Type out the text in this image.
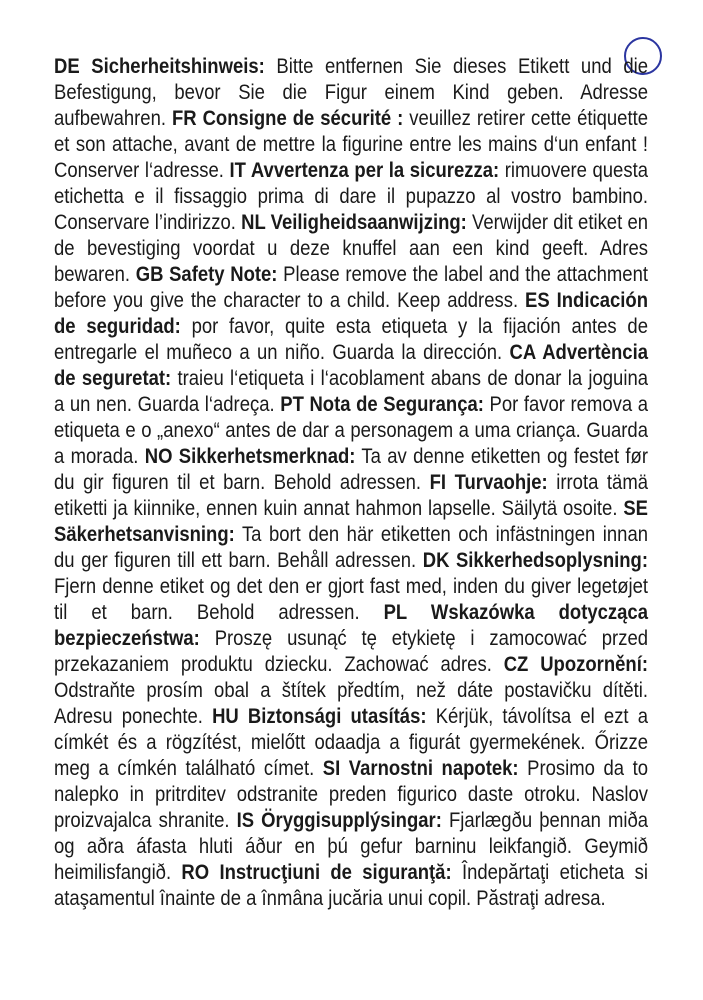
DE Sicherheitshinweis: Bitte entfernen Sie dieses Etikett und die Befestigung, bevor Sie die Figur einem Kind geben. Adresse aufbewahren. FR Consigne de sécurité : veuillez retirer cette étiquette et son attache, avant de mettre la figurine entre les mains d‘un enfant ! Conserver l‘adresse. IT Avvertenza per la sicurezza: rimuovere questa etichetta e il fissaggio prima di dare il pupazzo al vostro bambino. Conservare l’indirizzo. NL Veiligheidsaanwijzing: Verwijder dit etiket en de bevestiging voordat u deze knuffel aan een kind geeft. Adres bewaren. GB Safety Note: Please remove the label and the attachment before you give the character to a child. Keep address. ES Indicación de seguridad: por favor, quite esta etiqueta y la fijación antes de entregarle el muñeco a un niño. Guarda la dirección. CA Advertència de seguretat: traieu l‘etiqueta i l‘acoblament abans de donar la joguina a un nen. Guarda l‘adreça. PT Nota de Segurança: Por favor remova a etiqueta e o „anexo“ antes de dar a personagem a uma criança. Guarda a morada. NO Sikkerhetsmerknad: Ta av denne etiketten og festet før du gir figuren til et barn. Behold adressen. FI Turvaohje: irrota tämä etiketti ja kiinnike, ennen kuin annat hahmon lapselle. Säilytä osoite. SE Säkerhetsanvisning: Ta bort den här etiketten och infästningen innan du ger figuren till ett barn. Behåll adressen. DK Sikkerhedsoplysning: Fjern denne etiket og det den er gjort fast med, inden du giver legetøjet til et barn. Behold adressen. PL Wskazówka dotycząca bezpieczeństwa: Proszę usunąć tę etykietę i zamocować przed przekazaniem produktu dziecku. Zachować adres. CZ Upozornění: Odstraňte prosím obal a štítek předtím, než dáte postavičku dítěti. Adresu ponechte. HU Biztonsági utasítás: Kérjük, távolítsa el ezt a címkét és a rögzítést, mielőtt odaadja a figurát gyermekének. Őrizze meg a címkén található címet. SI Varnostni napotek: Prosimo da to nalepko in pritrditev odstranite preden figurico daste otroku. Naslov proizvajalca shranite. IS Öryggisupplýsingar: Fjarlægðu þennan miða og aðra áfasta hluti áður en þú gefur barninu leikfangið. Geymið heimilisfangið. RO Instrucţiuni de siguranţă: Îndepărtaţi eticheta si ataşamentul înainte de a înmâna jucăria unui copil. Păstraţi adresa.
